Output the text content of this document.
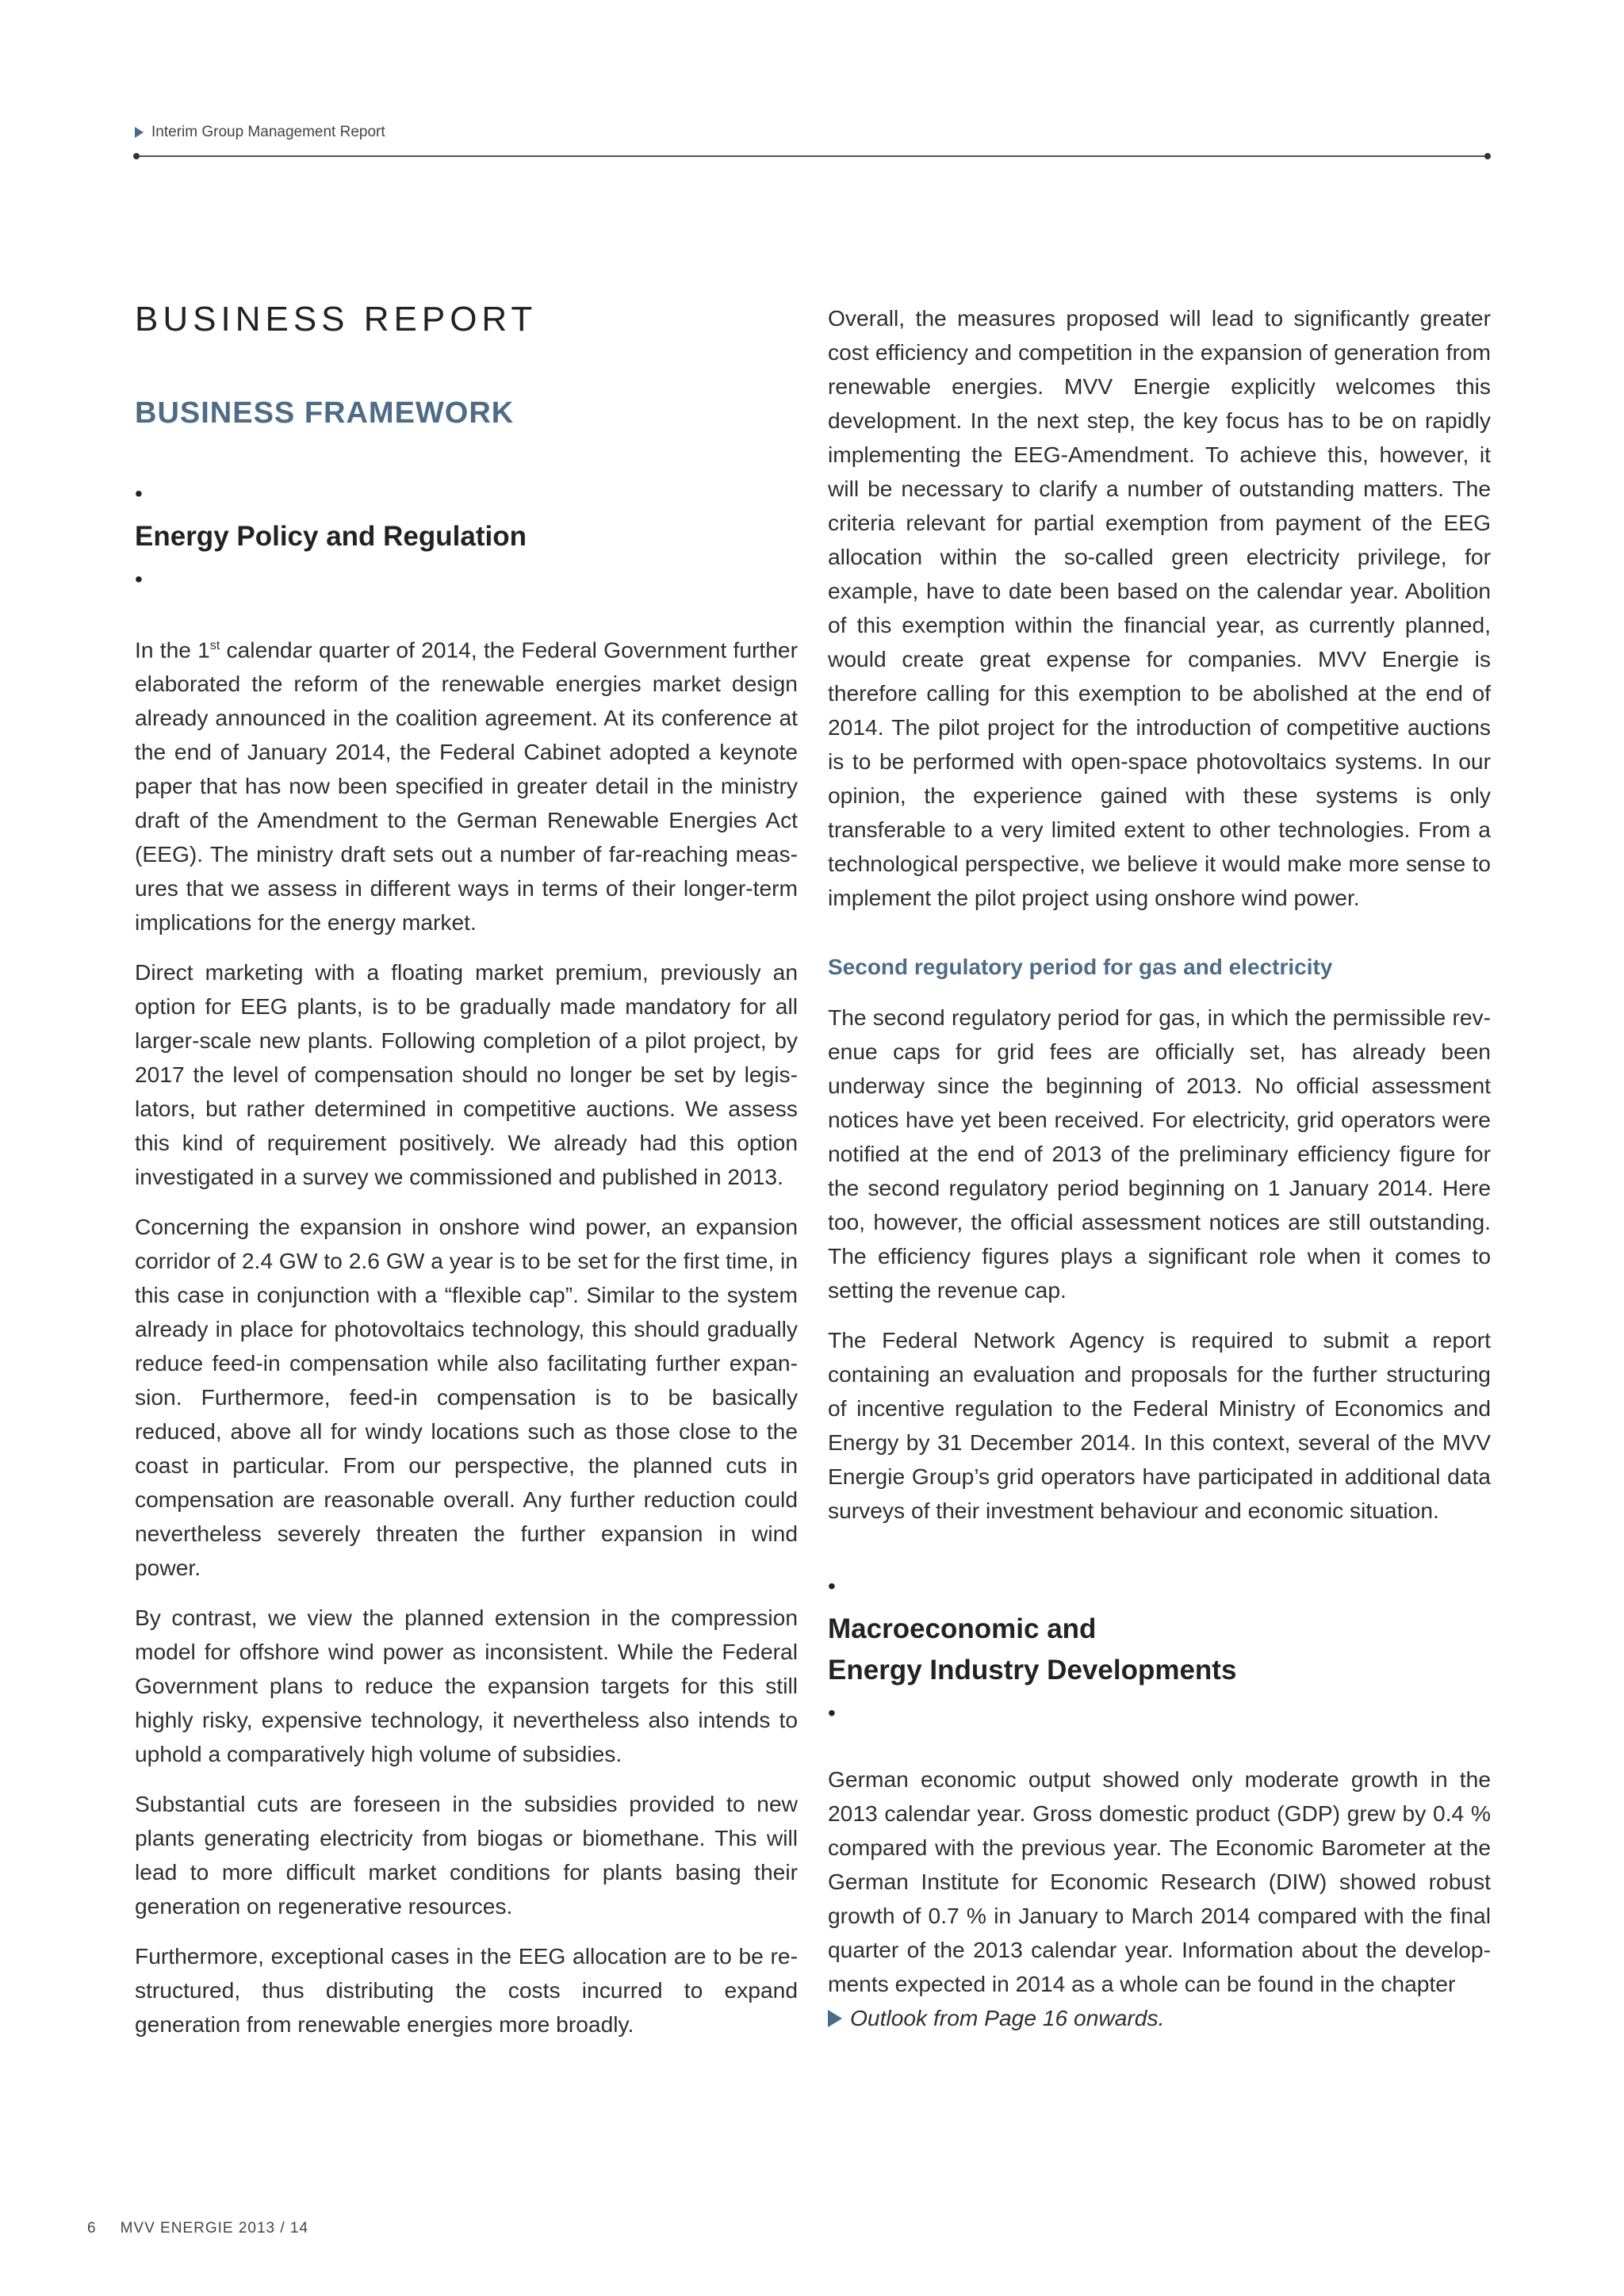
Interim Group Management Report
BUSINESS REPORT
BUSINESS FRAMEWORK
•
Energy Policy and Regulation
•

In the 1st calendar quarter of 2014, the Federal Government further elaborated the reform of the renewable energies market design already announced in the coalition agreement. At its conference at the end of January 2014, the Federal Cabinet adopted a keynote paper that has now been specified in greater detail in the ministry draft of the Amendment to the German Renewable Energies Act (EEG). The ministry draft sets out a number of far-reaching measures that we assess in different ways in terms of their longer-term implications for the energy market.

Direct marketing with a floating market premium, previously an option for EEG plants, is to be gradually made mandatory for all larger-scale new plants. Following completion of a pilot project, by 2017 the level of compensation should no longer be set by legislators, but rather determined in competitive auctions. We assess this kind of requirement positively. We already had this option investigated in a survey we commissioned and published in 2013.

Concerning the expansion in onshore wind power, an expansion corridor of 2.4 GW to 2.6 GW a year is to be set for the first time, in this case in conjunction with a “flexible cap”. Similar to the system already in place for photovoltaics technology, this should gradually reduce feed-in compensation while also facilitating further expansion. Furthermore, feed-in compensation is to be basically reduced, above all for windy locations such as those close to the coast in particular. From our perspective, the planned cuts in compensation are reasonable overall. Any further reduction could nevertheless severely threaten the further expansion in wind power.

By contrast, we view the planned extension in the compression model for offshore wind power as inconsistent. While the Federal Government plans to reduce the expansion targets for this still highly risky, expensive technology, it nevertheless also intends to uphold a comparatively high volume of subsidies.

Substantial cuts are foreseen in the subsidies provided to new plants generating electricity from biogas or biomethane. This will lead to more difficult market conditions for plants basing their generation on regenerative resources.

Furthermore, exceptional cases in the EEG allocation are to be restructured, thus distributing the costs incurred to expand generation from renewable energies more broadly.

Overall, the measures proposed will lead to significantly greater cost efficiency and competition in the expansion of generation from renewable energies. MVV Energie explicitly welcomes this development. In the next step, the key focus has to be on rapidly implementing the EEG-Amendment. To achieve this, however, it will be necessary to clarify a number of outstanding matters. The criteria relevant for partial exemption from payment of the EEG allocation within the so-called green electricity privilege, for example, have to date been based on the calendar year. Abolition of this exemption within the financial year, as currently planned, would create great expense for companies. MVV Energie is therefore calling for this exemption to be abolished at the end of 2014. The pilot project for the introduction of competitive auctions is to be performed with open-space photovoltaics systems. In our opinion, the experience gained with these systems is only transferable to a very limited extent to other technologies. From a technological perspective, we believe it would make more sense to implement the pilot project using onshore wind power.

Second regulatory period for gas and electricity

The second regulatory period for gas, in which the permissible revenue caps for grid fees are officially set, has already been underway since the beginning of 2013. No official assessment notices have yet been received. For electricity, grid operators were notified at the end of 2013 of the preliminary efficiency figure for the second regulatory period beginning on 1 January 2014. Here too, however, the official assessment notices are still outstanding. The efficiency figures plays a significant role when it comes to setting the revenue cap.

The Federal Network Agency is required to submit a report containing an evaluation and proposals for the further structuring of incentive regulation to the Federal Ministry of Economics and Energy by 31 December 2014. In this context, several of the MVV Energie Group’s grid operators have participated in additional data surveys of their investment behaviour and economic situation.

•
Macroeconomic and
Energy Industry Developments
•

German economic output showed only moderate growth in the 2013 calendar year. Gross domestic product (GDP) grew by 0.4 % compared with the previous year. The Economic Barometer at the German Institute for Economic Research (DIW) showed robust growth of 0.7 % in January to March 2014 compared with the final quarter of the 2013 calendar year. Information about the developments expected in 2014 as a whole can be found in the chapter

Outlook from Page 16 onwards.
6 MVV ENERGIE 2013 / 14
